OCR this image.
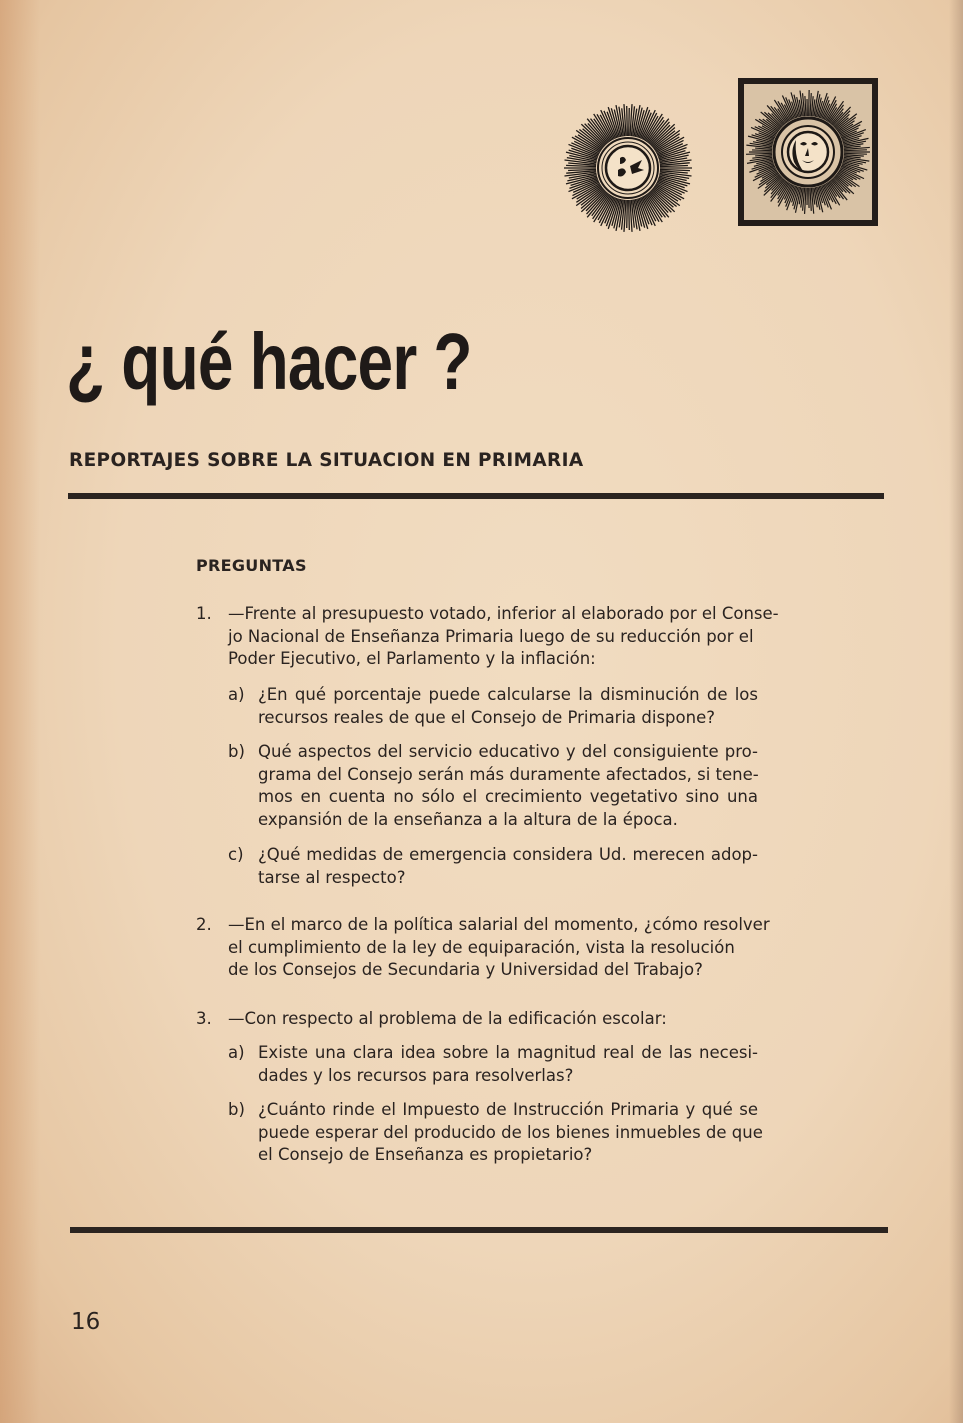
¿ qué hacer ?
REPORTAJES SOBRE LA SITUACION EN PRIMARIA
PREGUNTAS
1. —Frente al presupuesto votado, inferior al elaborado por el Conse-
jo Nacional de Enseñanza Primaria luego de su reducción por el
Poder Ejecutivo, el Parlamento y la inflación:
a) ¿En qué porcentaje puede calcularse la disminución de los
recursos reales de que el Consejo de Primaria dispone?
b) Qué aspectos del servicio educativo y del consiguiente pro-
grama del Consejo serán más duramente afectados, si tene-
mos en cuenta no sólo el crecimiento vegetativo sino una
expansión de la enseñanza a la altura de la época.
c) ¿Qué medidas de emergencia considera Ud. merecen adop-
tarse al respecto?
2. —En el marco de la política salarial del momento, ¿cómo resolver
el cumplimiento de la ley de equiparación, vista la resolución
de los Consejos de Secundaria y Universidad del Trabajo?
3. —Con respecto al problema de la edificación escolar:
a) Existe una clara idea sobre la magnitud real de las necesi-
dades y los recursos para resolverlas?
b) ¿Cuánto rinde el Impuesto de Instrucción Primaria y qué se
puede esperar del producido de los bienes inmuebles de que
el Consejo de Enseñanza es propietario?

16
